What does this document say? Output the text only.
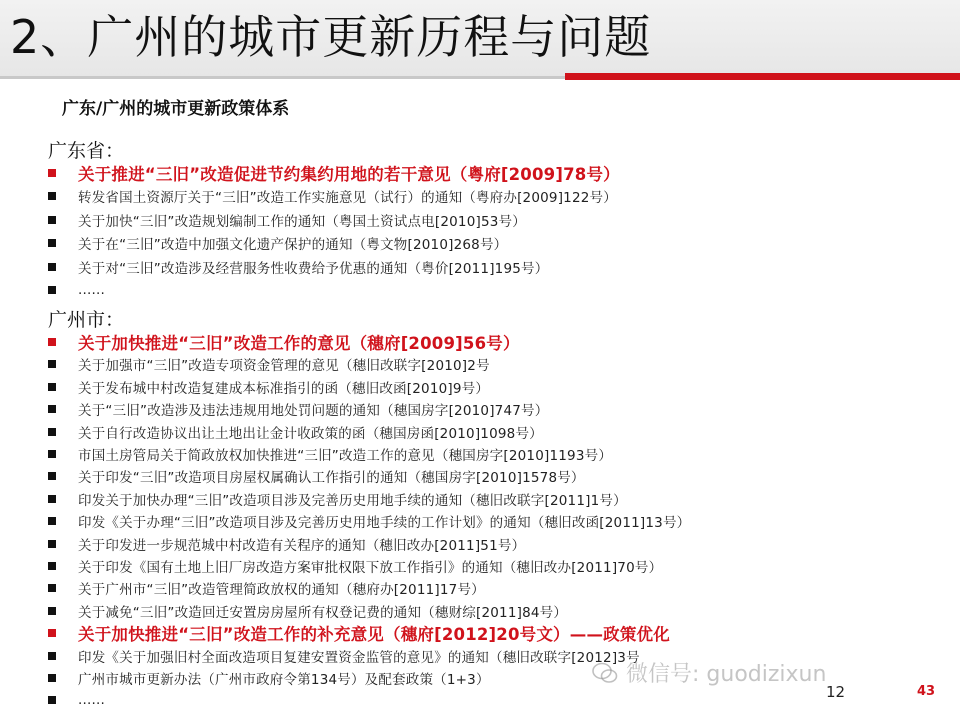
2、广州的城市更新历程与问题
广东/广州的城市更新政策体系
广东省：
关于推进“三旧”改造促进节约集约用地的若干意见（粤府[2009]78号）
转发省国土资源厅关于“三旧”改造工作实施意见（试行）的通知（粤府办[2009]122号）
关于加快“三旧”改造规划编制工作的通知（粤国土资试点电[2010]53号）
关于在“三旧”改造中加强文化遗产保护的通知（粤文物[2010]268号）
关于对“三旧”改造涉及经营服务性收费给予优惠的通知（粤价[2011]195号）
......
广州市：
关于加快推进“三旧”改造工作的意见（穗府[2009]56号）
关于加强市“三旧”改造专项资金管理的意见（穗旧改联字[2010]2号
关于发布城中村改造复建成本标准指引的函（穗旧改函[2010]9号）
关于“三旧”改造涉及违法违规用地处罚问题的通知（穗国房字[2010]747号）
关于自行改造协议出让土地出让金计收政策的函（穗国房函[2010]1098号）
市国土房管局关于简政放权加快推进“三旧”改造工作的意见（穗国房字[2010]1193号）
关于印发“三旧”改造项目房屋权属确认工作指引的通知（穗国房字[2010]1578号）
印发关于加快办理“三旧”改造项目涉及完善历史用地手续的通知（穗旧改联字[2011]1号）
印发《关于办理“三旧”改造项目涉及完善历史用地手续的工作计划》的通知（穗旧改函[2011]13号）
关于印发进一步规范城中村改造有关程序的通知（穗旧改办[2011]51号）
关于印发《国有土地上旧厂房改造方案审批权限下放工作指引》的通知（穗旧改办[2011]70号）
关于广州市“三旧”改造管理简政放权的通知（穗府办[2011]17号）
关于减免“三旧”改造回迁安置房房屋所有权登记费的通知（穗财综[2011]84号）
关于加快推进“三旧”改造工作的补充意见（穗府[2012]20号文）——政策优化
印发《关于加强旧村全面改造项目复建安置资金监管的意见》的通知（穗旧改联字[2012]3号
广州市城市更新办法（广州市政府令第134号）及配套政策（1+3）
......
微信号: guodizixun
12	43
